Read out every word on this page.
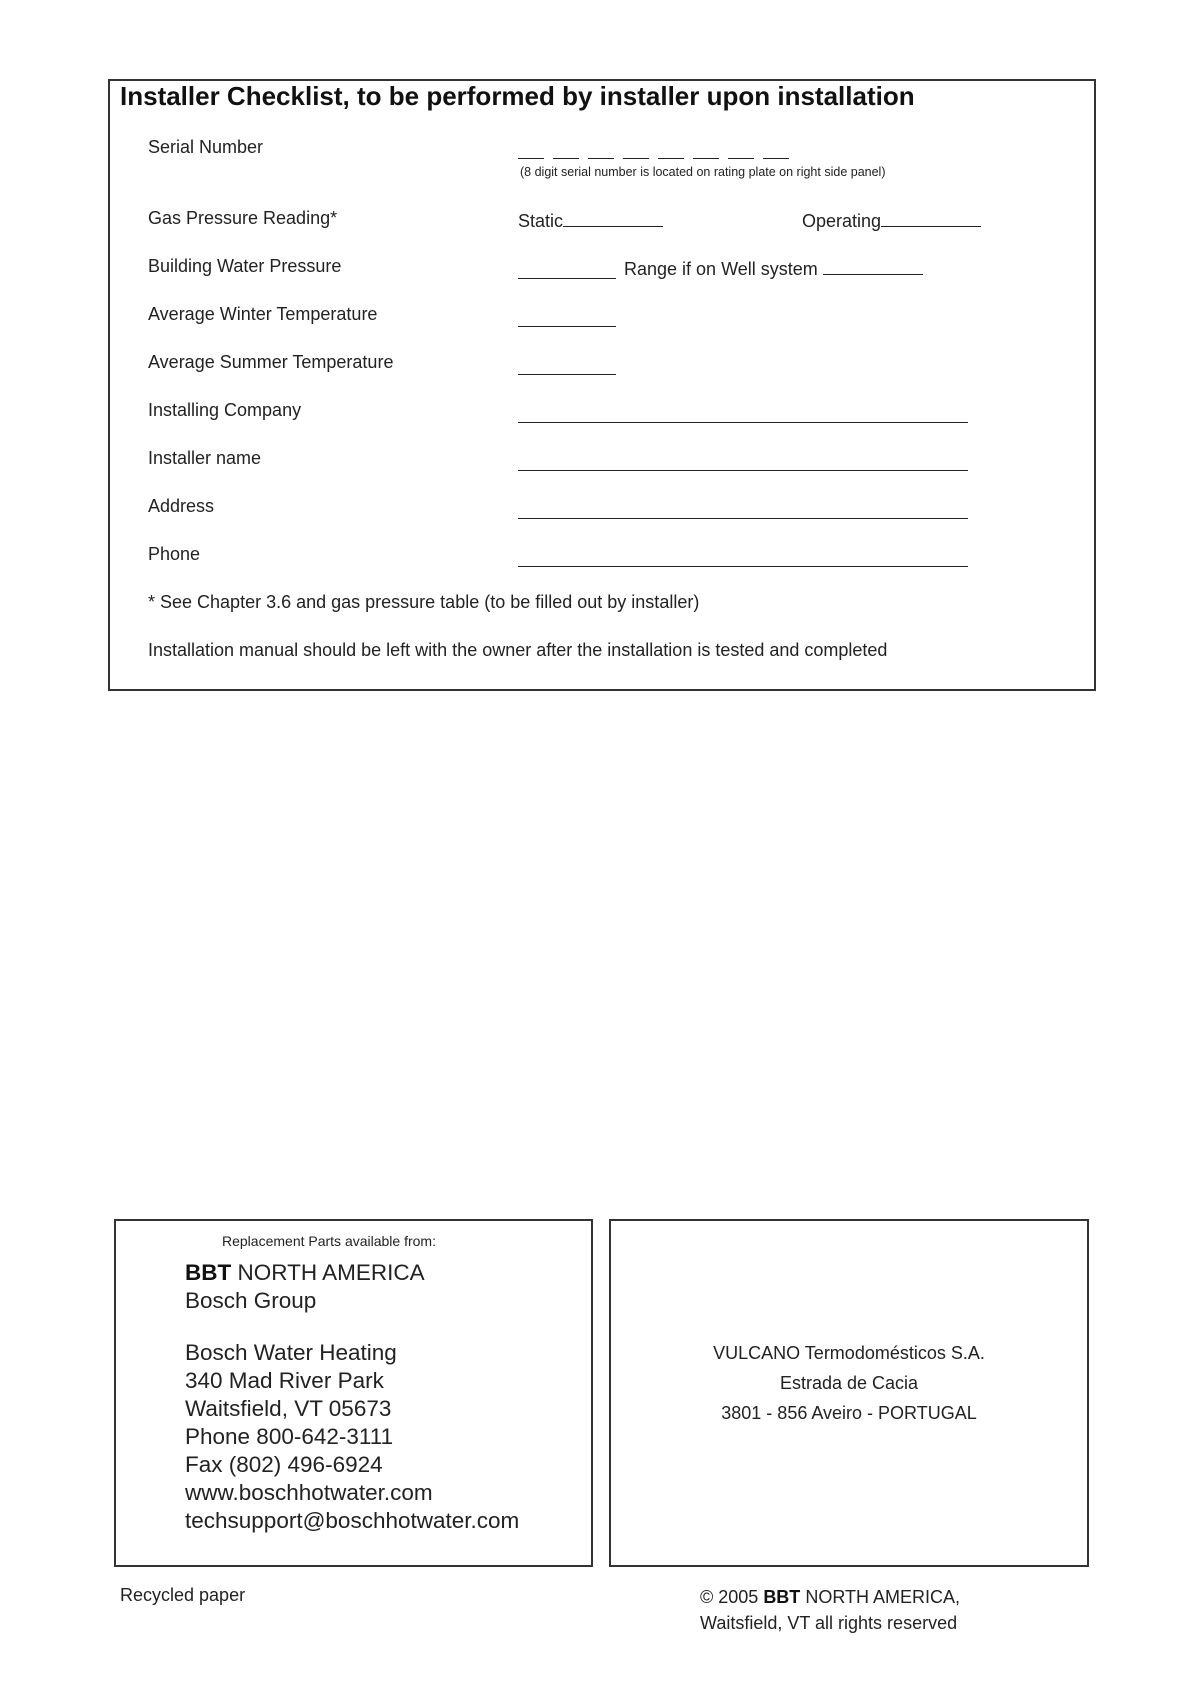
Installer Checklist, to be performed by installer upon installation
Serial Number
(8 digit serial number is located on rating plate on right side panel)
Gas Pressure Reading*	Static	Operating
Building Water Pressure	Range if on Well system
Average Winter Temperature
Average Summer Temperature
Installing Company
Installer name
Address
Phone
* See Chapter 3.6 and gas pressure table (to be filled out by installer)
Installation manual should be left with the owner after the installation is tested and completed
Replacement Parts available from:
BBT NORTH AMERICA
Bosch Group
Bosch Water Heating
340 Mad River Park
Waitsfield, VT 05673
Phone 800-642-3111
Fax (802) 496-6924
www.boschhotwater.com
techsupport@boschhotwater.com
VULCANO Termodomésticos S.A.
Estrada de Cacia
3801 - 856 Aveiro - PORTUGAL
Recycled paper	© 2005 BBT NORTH AMERICA,
Waitsfield, VT all rights reserved
